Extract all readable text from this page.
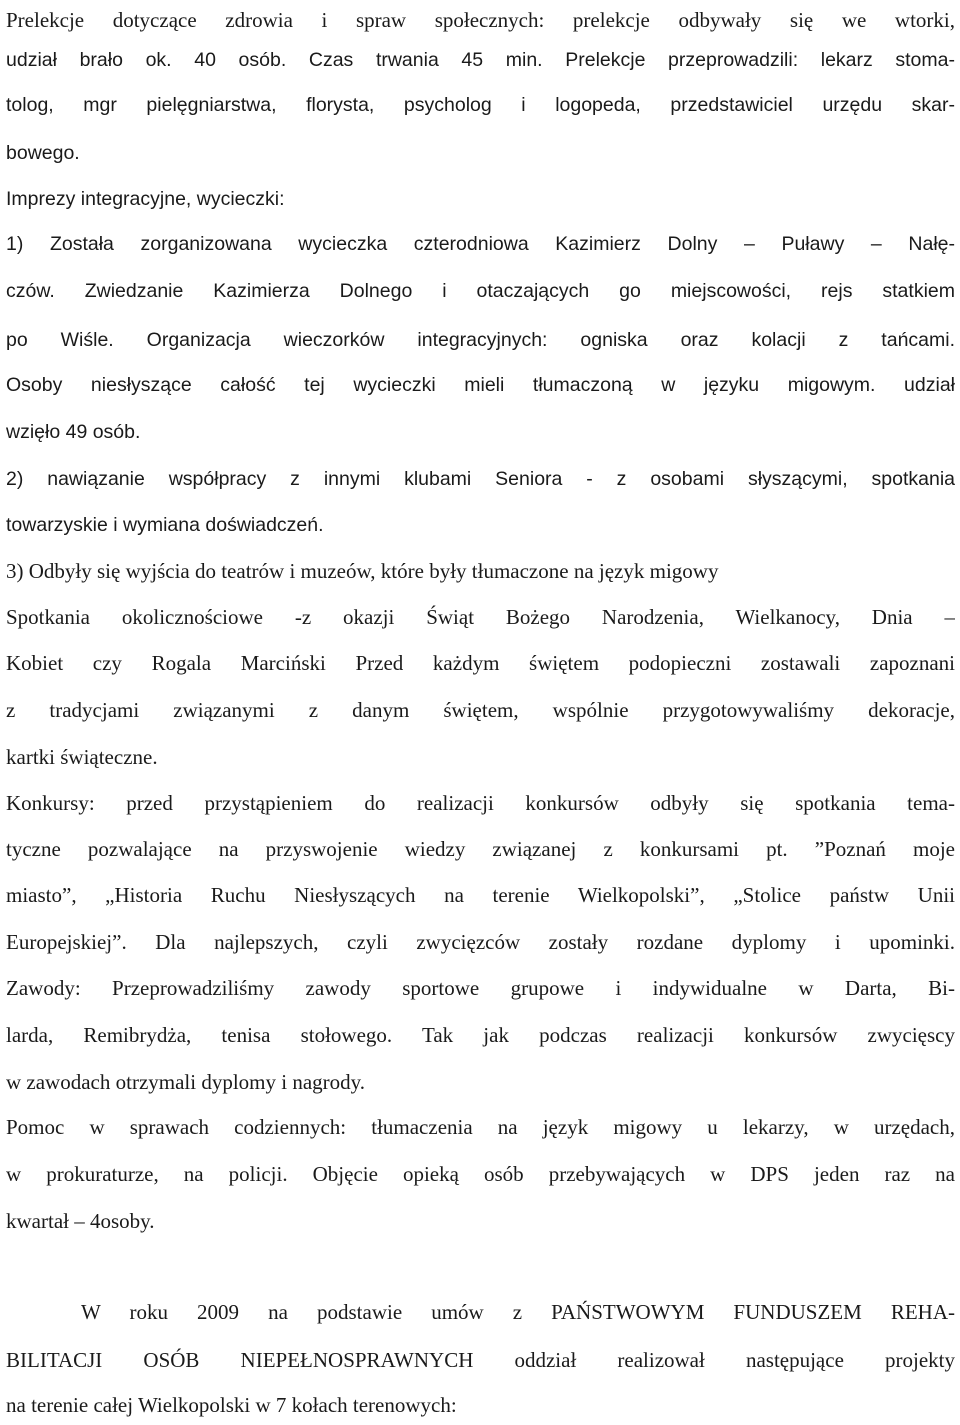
Prelekcje dotyczące zdrowia i spraw społecznych: prelekcje odbywały się we wtorki,
udział brało ok. 40 osób. Czas trwania 45 min. Prelekcje przeprowadzili: lekarz stoma-
tolog, mgr pielęgniarstwa, florysta, psycholog i logopeda, przedstawiciel urzędu skar-
bowego.
Imprezy integracyjne, wycieczki:
1) Została zorganizowana wycieczka czterodniowa Kazimierz Dolny – Puławy – Nałę-
czów. Zwiedzanie Kazimierza Dolnego i otaczających go miejscowości, rejs statkiem
po Wiśle. Organizacja wieczorków integracyjnych: ogniska oraz kolacji z tańcami.
Osoby niesłyszące całość tej wycieczki mieli tłumaczoną w języku migowym. udział
wzięło 49 osób.
2) nawiązanie współpracy z innymi klubami Seniora - z osobami słyszącymi, spotkania
towarzyskie i wymiana doświadczeń.
3) Odbyły się wyjścia do teatrów i muzeów, które były tłumaczone na język migowy
Spotkania okolicznościowe -z okazji Świąt Bożego Narodzenia, Wielkanocy, Dnia –
Kobiet czy Rogala Marciński Przed każdym świętem podopieczni zostawali zapoznani
z tradycjami związanymi z danym świętem, wspólnie przygotowywaliśmy dekoracje,
kartki świąteczne.
Konkursy: przed przystąpieniem do realizacji konkursów odbyły się spotkania tema-
tyczne pozwalające na przyswojenie wiedzy związanej z konkursami pt. ”Poznań moje
miasto”, „Historia Ruchu Niesłyszących na terenie Wielkopolski”, „Stolice państw Unii
Europejskiej”. Dla najlepszych, czyli zwycięzców zostały rozdane dyplomy i upominki.
Zawody: Przeprowadziliśmy zawody sportowe grupowe i indywidualne w Darta, Bi-
larda, Remibrydża, tenisa stołowego. Tak jak podczas realizacji konkursów zwycięscy
w zawodach otrzymali dyplomy i nagrody.
Pomoc w sprawach codziennych: tłumaczenia na język migowy u lekarzy, w urzędach,
w prokuraturze, na policji. Objęcie opieką osób przebywających w DPS jeden raz na
kwartał – 4osoby.
W roku 2009 na podstawie umów z PAŃSTWOWYM FUNDUSZEM REHA-
BILITACJI OSÓB NIEPEŁNOSPRAWNYCH oddział realizował następujące projekty
na terenie całej Wielkopolski w 7 kołach terenowych:
